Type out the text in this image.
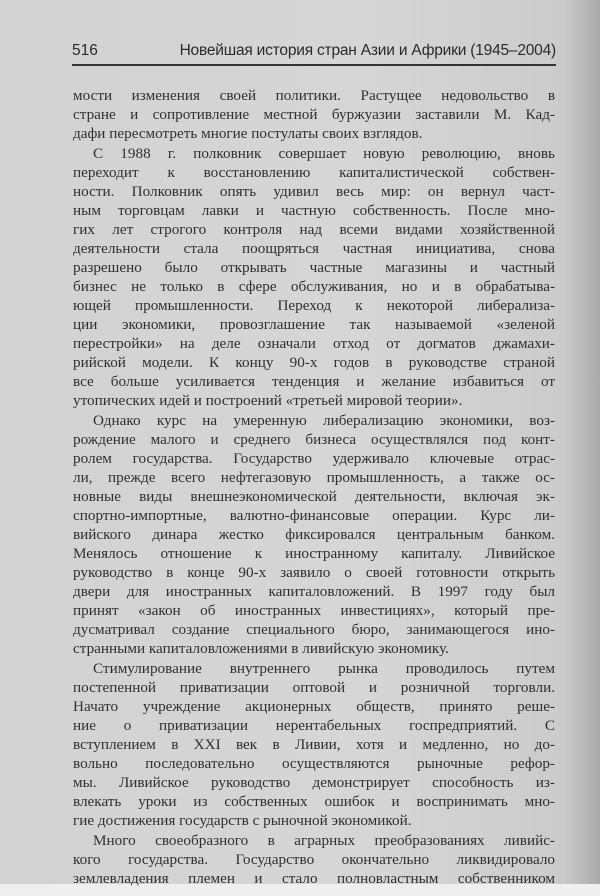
516	Новейшая история стран Азии и Африки (1945–2004)
мости изменения своей политики. Растущее недовольство в
стране и сопротивление местной буржуазии заставили М. Кад-
дафи пересмотреть многие постулаты своих взглядов.
С 1988 г. полковник совершает новую революцию, вновь
переходит к восстановлению капиталистической собствен-
ности. Полковник опять удивил весь мир: он вернул част-
ным торговцам лавки и частную собственность. После мно-
гих лет строгого контроля над всеми видами хозяйственной
деятельности стала поощряться частная инициатива, снова
разрешено было открывать частные магазины и частный
бизнес не только в сфере обслуживания, но и в обрабатыва-
ющей промышленности. Переход к некоторой либерализа-
ции экономики, провозглашение так называемой «зеленой
перестройки» на деле означали отход от догматов джамахи-
рийской модели. К концу 90-х годов в руководстве страной
все больше усиливается тенденция и желание избавиться от
утопических идей и построений «третьей мировой теории».
Однако курс на умеренную либерализацию экономики, воз-
рождение малого и среднего бизнеса осуществлялся под конт-
ролем государства. Государство удерживало ключевые отрас-
ли, прежде всего нефтегазовую промышленность, а также ос-
новные виды внешнеэкономической деятельности, включая эк-
спортно-импортные, валютно-финансовые операции. Курс ли-
вийского динара жестко фиксировался центральным банком.
Менялось отношение к иностранному капиталу. Ливийское
руководство в конце 90-х заявило о своей готовности открыть
двери для иностранных капиталовложений. В 1997 году был
принят «закон об иностранных инвестициях», который пре-
дусматривал создание специального бюро, занимающегося ино-
странными капиталовложениями в ливийскую экономику.
Стимулирование внутреннего рынка проводилось путем
постепенной приватизации оптовой и розничной торговли.
Начато учреждение акционерных обществ, принято реше-
ние о приватизации нерентабельных госпредприятий. С
вступлением в XXI век в Ливии, хотя и медленно, но до-
вольно последовательно осуществляются рыночные рефор-
мы. Ливийское руководство демонстрирует способность из-
влекать уроки из собственных ошибок и воспринимать мно-
гие достижения государств с рыночной экономикой.
Много своеобразного в аграрных преобразованиях ливийс-
кого государства. Государство окончательно ликвидировало
землевладения племен и стало полновластным собственником
